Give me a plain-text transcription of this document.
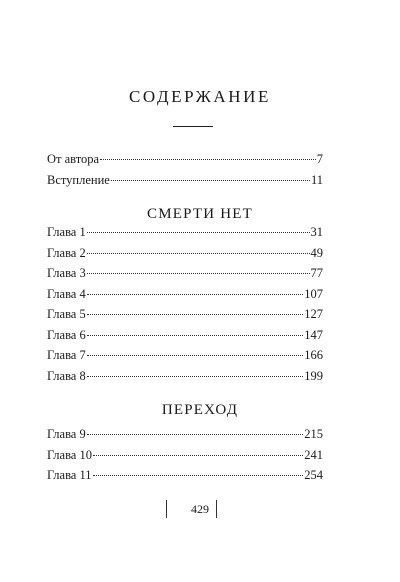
СОДЕРЖАНИЕ
От автора	7
Вступление	11
СМЕРТИ НЕТ
Глава 1	31
Глава 2	49
Глава 3	77
Глава 4	107
Глава 5	127
Глава 6	147
Глава 7	166
Глава 8	199
ПЕРЕХОД
Глава 9	215
Глава 10	241
Глава 11	254
429
